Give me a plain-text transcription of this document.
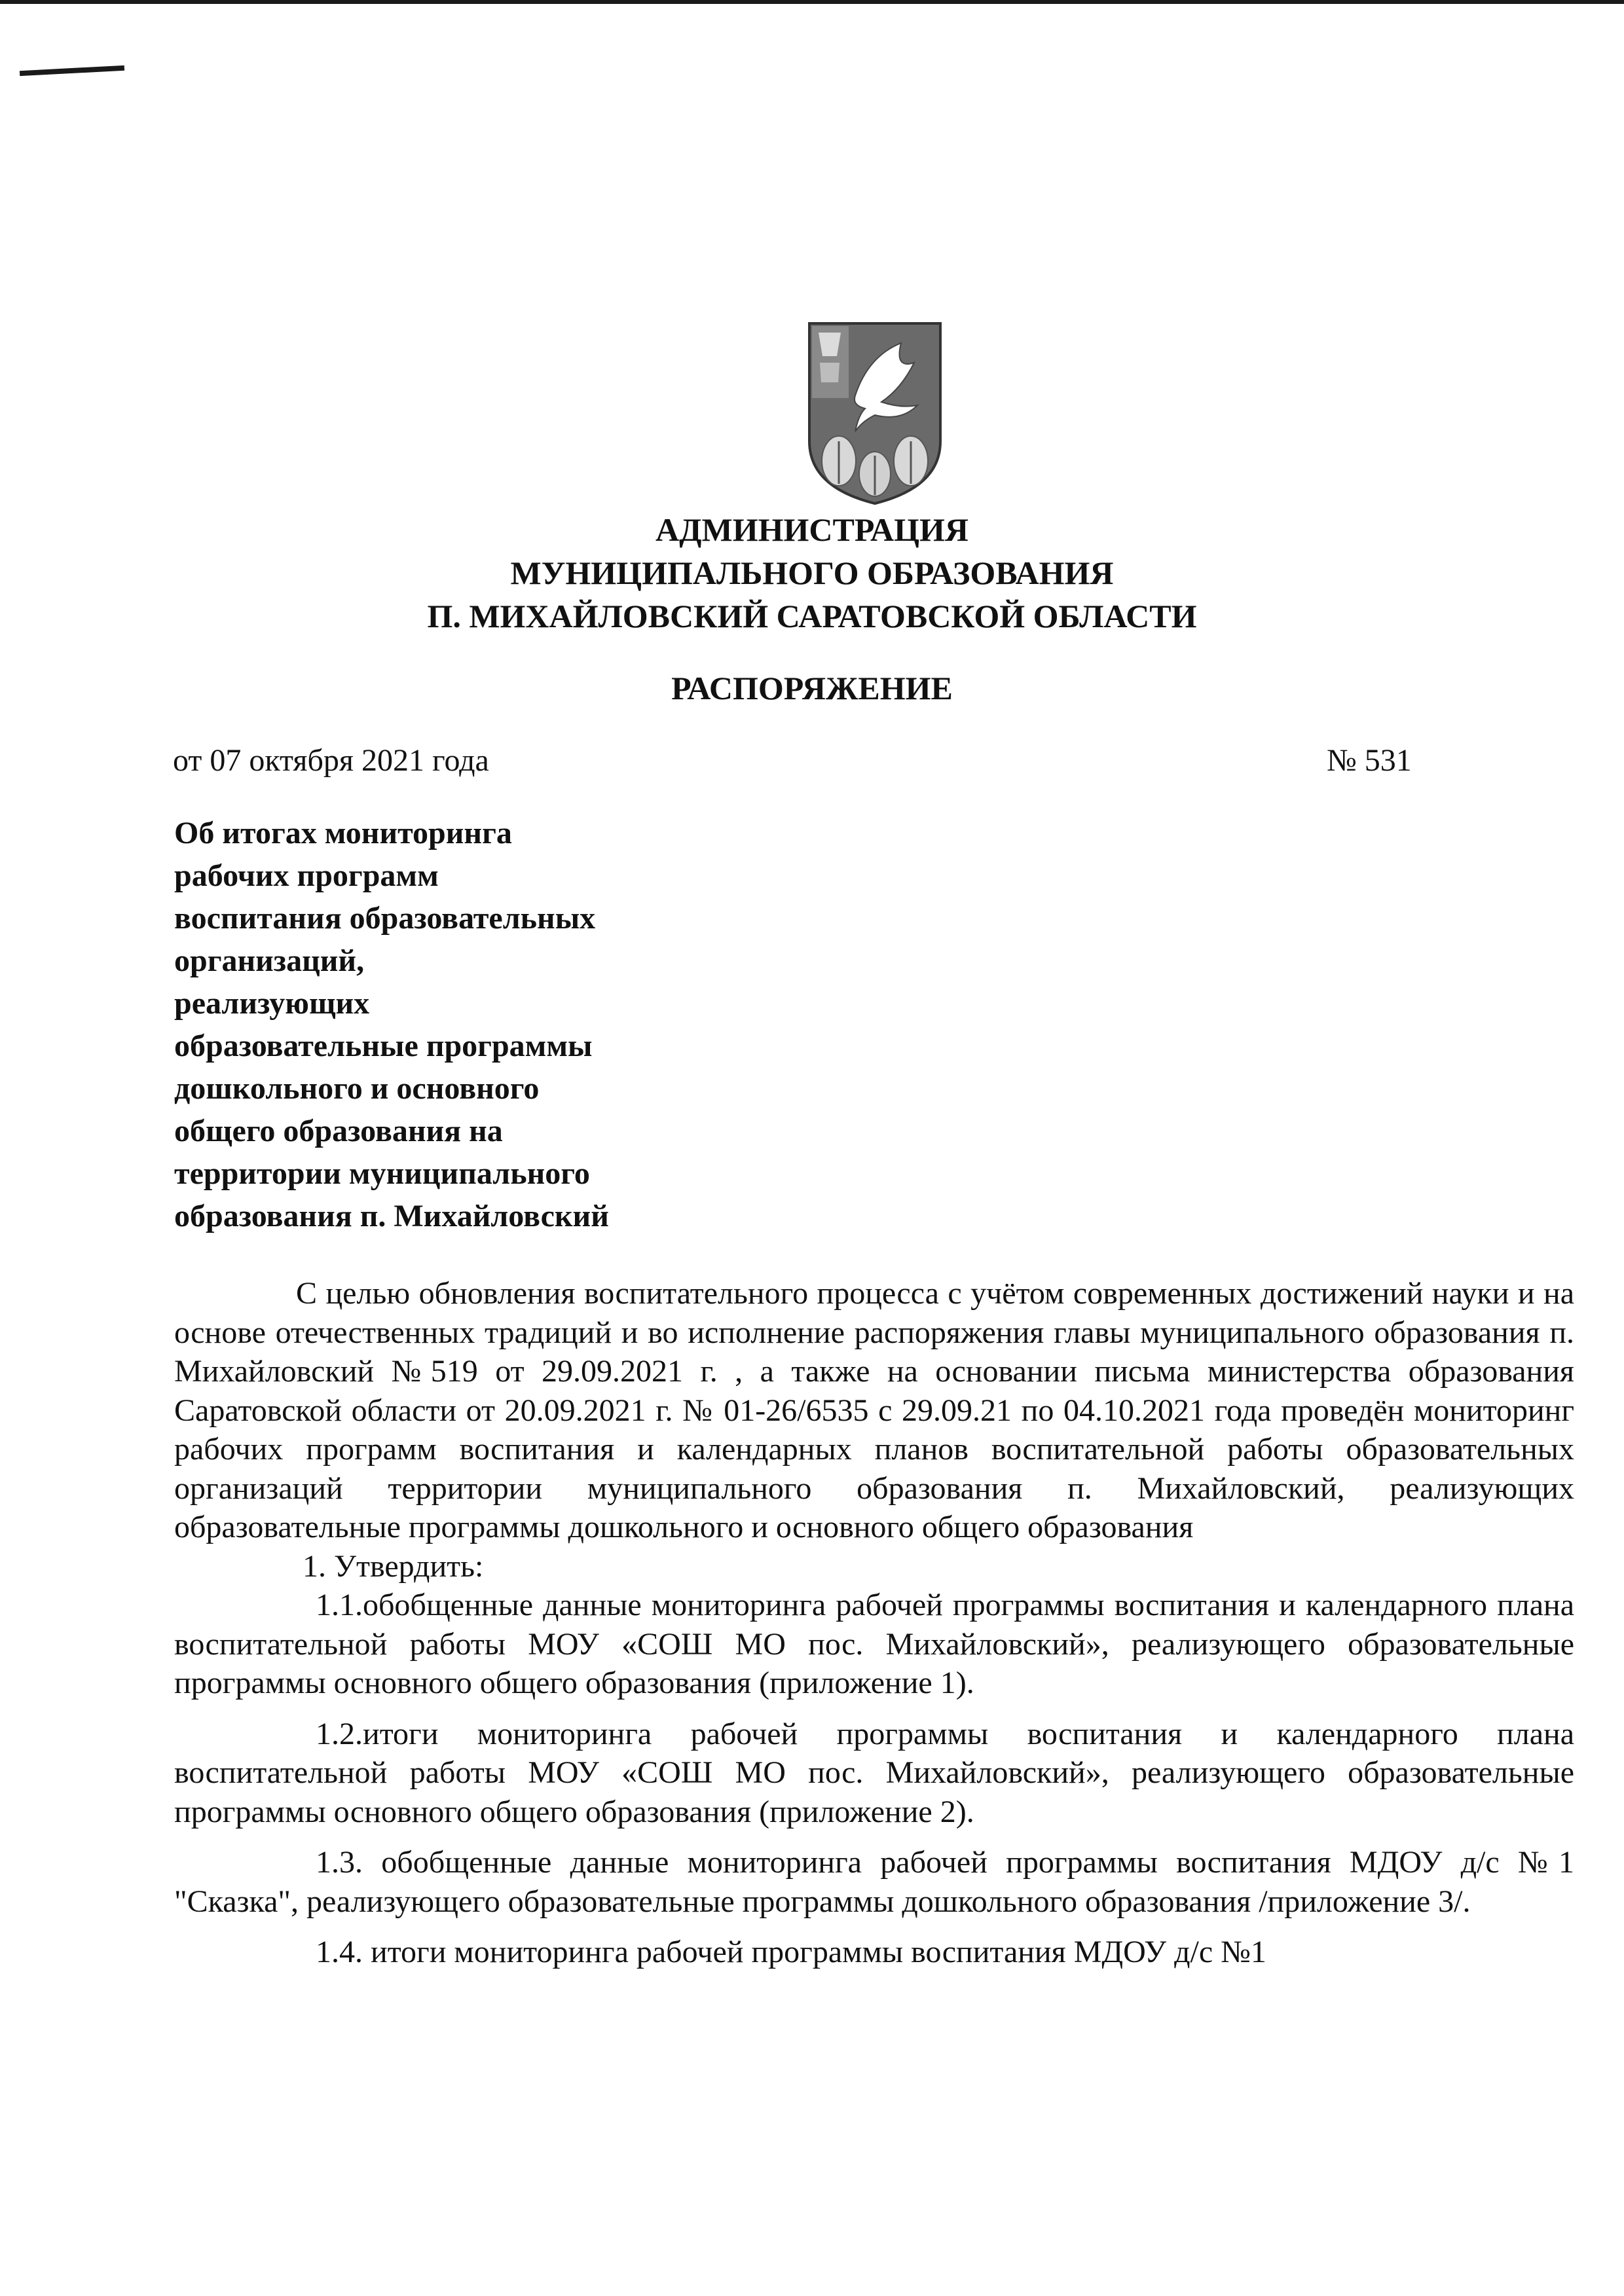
АДМИНИСТРАЦИЯ
МУНИЦИПАЛЬНОГО ОБРАЗОВАНИЯ
П. МИХАЙЛОВСКИЙ САРАТОВСКОЙ ОБЛАСТИ
РАСПОРЯЖЕНИЕ
от 07 октября 2021 года	№ 531
Об итогах мониторинга
рабочих программ
воспитания образовательных
организаций,
реализующих
образовательные программы
дошкольного и основного
общего образования на
территории муниципального
образования п. Михайловский

С целью обновления воспитательного процесса с учётом современных достижений науки и на основе отечественных традиций и во исполнение распоряжения главы муниципального образования п. Михайловский №519 от 29.09.2021 г. , а также на основании письма министерства образования Саратовской области от 20.09.2021 г. № 01-26/6535 с 29.09.21 по 04.10.2021 года проведён мониторинг рабочих программ воспитания и календарных планов воспитательной работы образовательных организаций территории муниципального образования п. Михайловский, реализующих образовательные программы дошкольного и основного общего образования

1. Утвердить:

1.1.обобщенные данные мониторинга рабочей программы воспитания и календарного плана воспитательной работы МОУ «СОШ МО пос. Михайловский», реализующего образовательные программы основного общего образования (приложение 1).

1.2.итоги мониторинга рабочей программы воспитания и календарного плана воспитательной работы МОУ «СОШ МО пос. Михайловский», реализующего образовательные программы основного общего образования (приложение 2).

1.3. обобщенные данные мониторинга рабочей программы воспитания МДОУ д/с №1 "Сказка", реализующего образовательные программы дошкольного образования /приложение 3/.

1.4. итоги мониторинга рабочей программы воспитания МДОУ д/с №1
